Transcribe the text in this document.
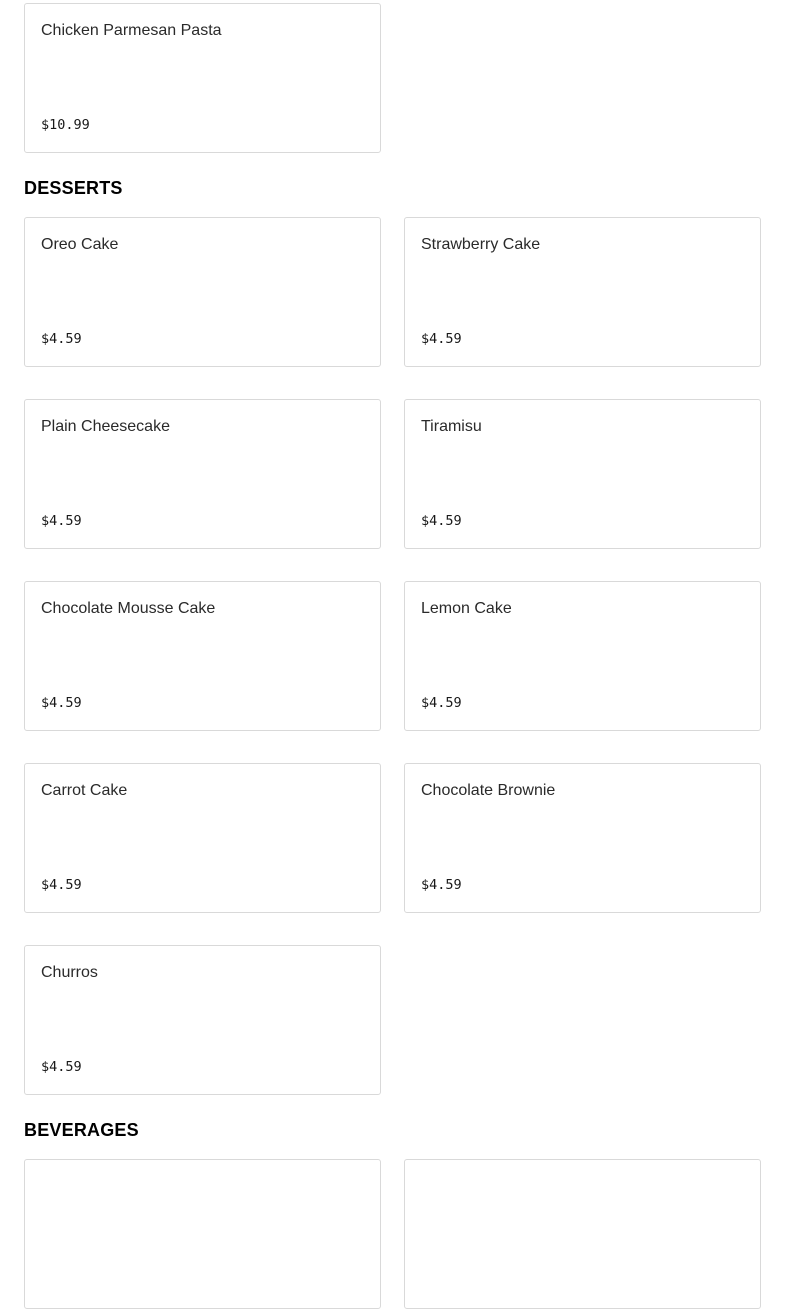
Chicken Parmesan Pasta
$10.99
DESSERTS
Oreo Cake
$4.59
Strawberry Cake
$4.59
Plain Cheesecake
$4.59
Tiramisu
$4.59
Chocolate Mousse Cake
$4.59
Lemon Cake
$4.59
Carrot Cake
$4.59
Chocolate Brownie
$4.59
Churros
$4.59
BEVERAGES
